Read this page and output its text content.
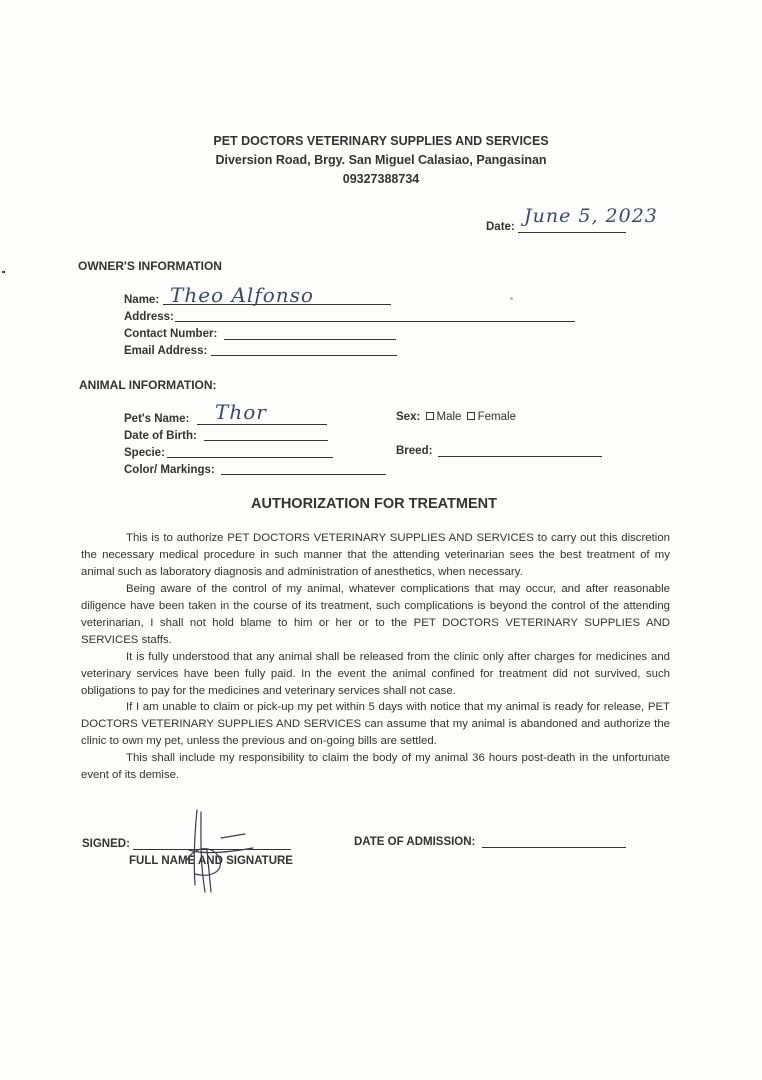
PET DOCTORS VETERINARY SUPPLIES AND SERVICES
Diversion Road, Brgy. San Miguel Calasiao, Pangasinan
09327388734
Date: June 5, 2023
OWNER'S INFORMATION
Name: Theo Alfonso
Address:
Contact Number:
Email Address:
ANIMAL INFORMATION:
Pet's Name: Thor
Date of Birth:
Specie:
Color/ Markings:
Sex: Male Female
Breed:
AUTHORIZATION FOR TREATMENT
This is to authorize PET DOCTORS VETERINARY SUPPLIES AND SERVICES to carry out this discretion the necessary medical procedure in such manner that the attending veterinarian sees the best treatment of my animal such as laboratory diagnosis and administration of anesthetics, when necessary.
Being aware of the control of my animal, whatever complications that may occur, and after reasonable diligence have been taken in the course of its treatment, such complications is beyond the control of the attending veterinarian, I shall not hold blame to him or her or to the PET DOCTORS VETERINARY SUPPLIES AND SERVICES staffs.
It is fully understood that any animal shall be released from the clinic only after charges for medicines and veterinary services have been fully paid. In the event the animal confined for treatment did not survived, such obligations to pay for the medicines and veterinary services shall not case.
If I am unable to claim or pick-up my pet within 5 days with notice that my animal is ready for release, PET DOCTORS VETERINARY SUPPLIES AND SERVICES can assume that my animal is abandoned and authorize the clinic to own my pet, unless the previous and on-going bills are settled.
This shall include my responsibility to claim the body of my animal 36 hours post-death in the unfortunate event of its demise.
SIGNED:
FULL NAME AND SIGNATURE
DATE OF ADMISSION:
